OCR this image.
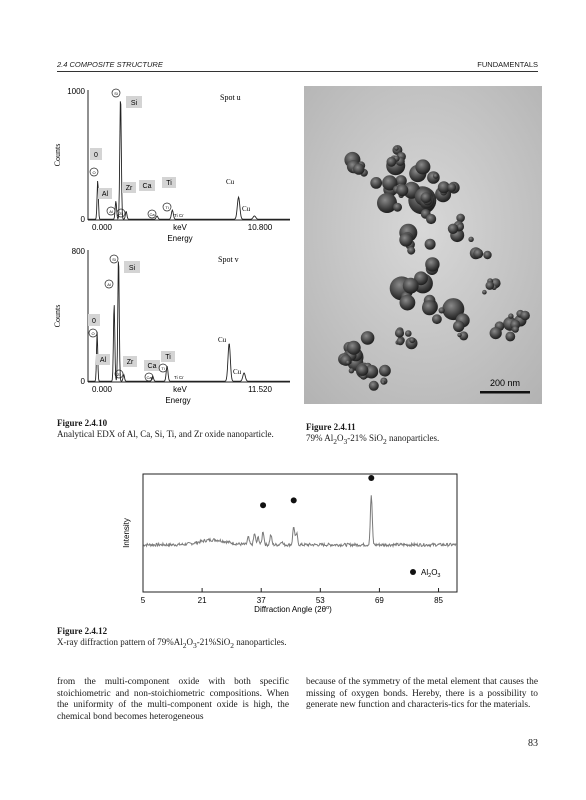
2.4 COMPOSITE STRUCTURE	FUNDAMENTALS
1000
0
Counts
Spot u
0.000	keV	10.800
Energy
Si
0
Al
Zr Ca Ti	Cu
Cu
Ti Cr
Si
O
Al Zr	Ca
Ti
800
0
Counts
Spot v
0.000	keV	11.520
Energy
Si
0
Al	Zr
Ca
Ti
Cu
Cu
Ti Cr
Si
O
Al
Zr
Ca
Ti
200 nm
Figure 2.4.10
Analytical EDX of Al, Ca, Si, Ti, and Zr oxide nanoparticle.
Figure 2.4.11
79% $Al_2O_3-21\%$ SiO$_2$ nanoparticles.
5	21	37	53	69	85
Diffraction Angle $(2\theta^o)$
Intensity
$Al_2O_3$
Figure 2.4.12
X-ray diffraction pattern of $79\%Al_2O_3-21\%SiO_2$ nanoparticles.
from the multi-component oxide with both specific stoichiometric and non-stoichiometric compositions. When the uniformity of the multi-component oxide is high, the chemical bond becomes heterogeneous
because of the symmetry of the metal element that causes the missing of oxygen bonds. Hereby, there is a possibility to generate new function and characteris-tics for the materials.
83
